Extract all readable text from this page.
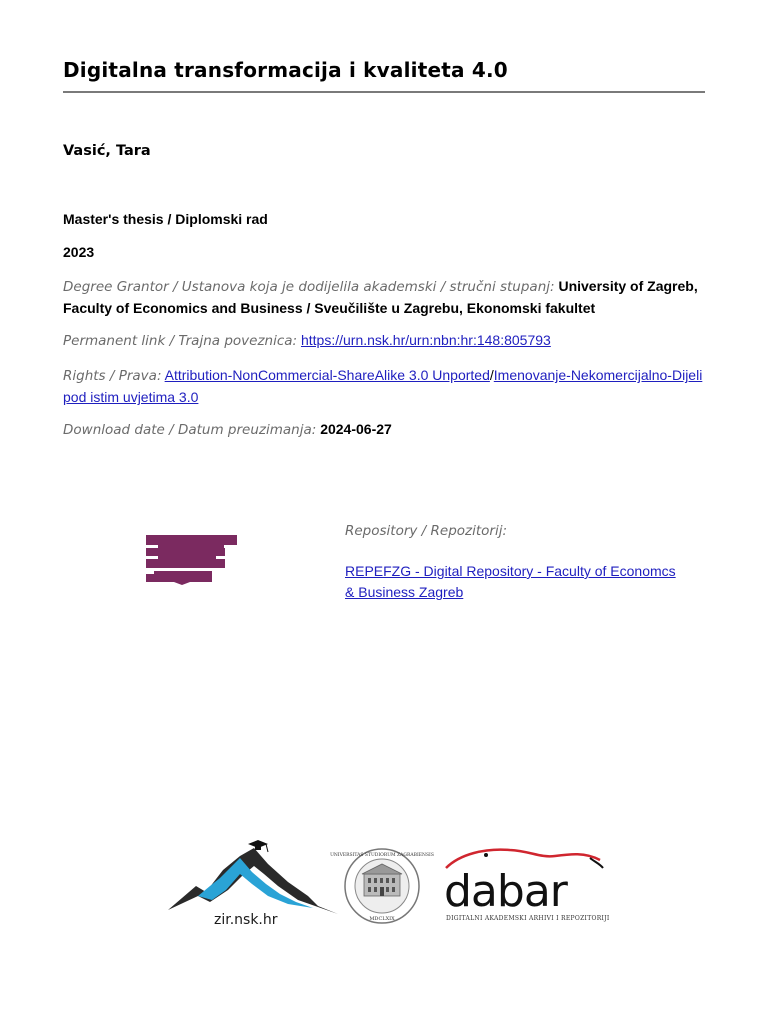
Digitalna transformacija i kvaliteta 4.0
Vasić, Tara
Master's thesis / Diplomski rad
2023
Degree Grantor / Ustanova koja je dodijelila akademski / stručni stupanj: University of Zagreb, Faculty of Economics and Business / Sveučilište u Zagrebu, Ekonomski fakultet
Permanent link / Trajna poveznica: https://urn.nsk.hr/urn:nbn:hr:148:805793
Rights / Prava: Attribution-NonCommercial-ShareAlike 3.0 Unported/Imenovanje-Nekomercijalno-Dijeli pod istim uvjetima 3.0
Download date / Datum preuzimanja: 2024-06-27
Repository / Repozitorij:
REPEFZG - Digital Repository - Faculty of Economcs & Business Zagreb
zir.nsk.hr
UNIVERSITAS STUDIORUM ZAGRABIENSIS
MDCLXIX
dabar
DIGITALNI AKADEMSKI ARHIVI I REPOZITORIJI
